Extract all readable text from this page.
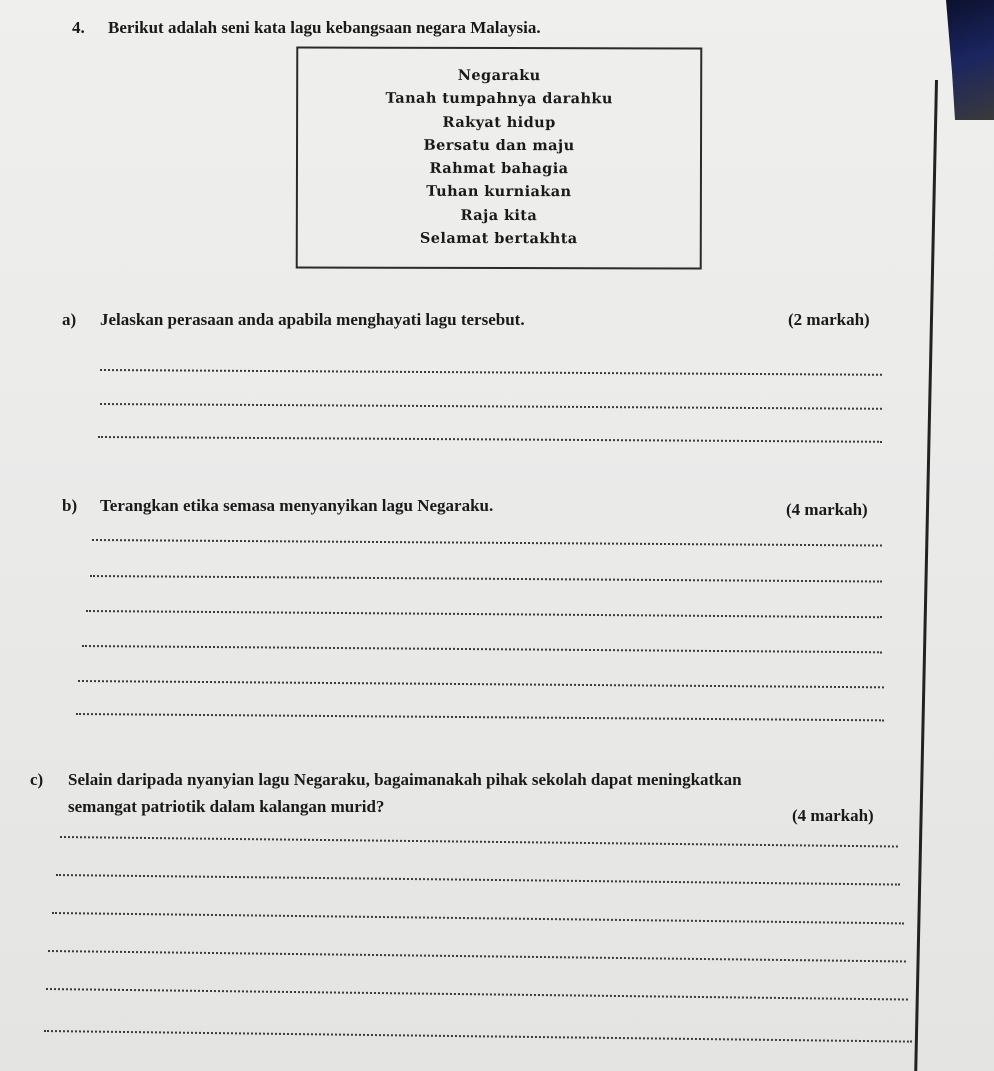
4. Berikut adalah seni kata lagu kebangsaan negara Malaysia.
Negaraku
Tanah tumpahnya darahku
Rakyat hidup
Bersatu dan maju
Rahmat bahagia
Tuhan kurniakan
Raja kita
Selamat bertakhta
a) Jelaskan perasaan anda apabila menghayati lagu tersebut.	(2 markah)
b) Terangkan etika semasa menyanyikan lagu Negaraku.	(4 markah)
c) Selain daripada nyanyian lagu Negaraku, bagaimanakah pihak sekolah dapat meningkatkan
semangat patriotik dalam kalangan murid?	(4 markah)
